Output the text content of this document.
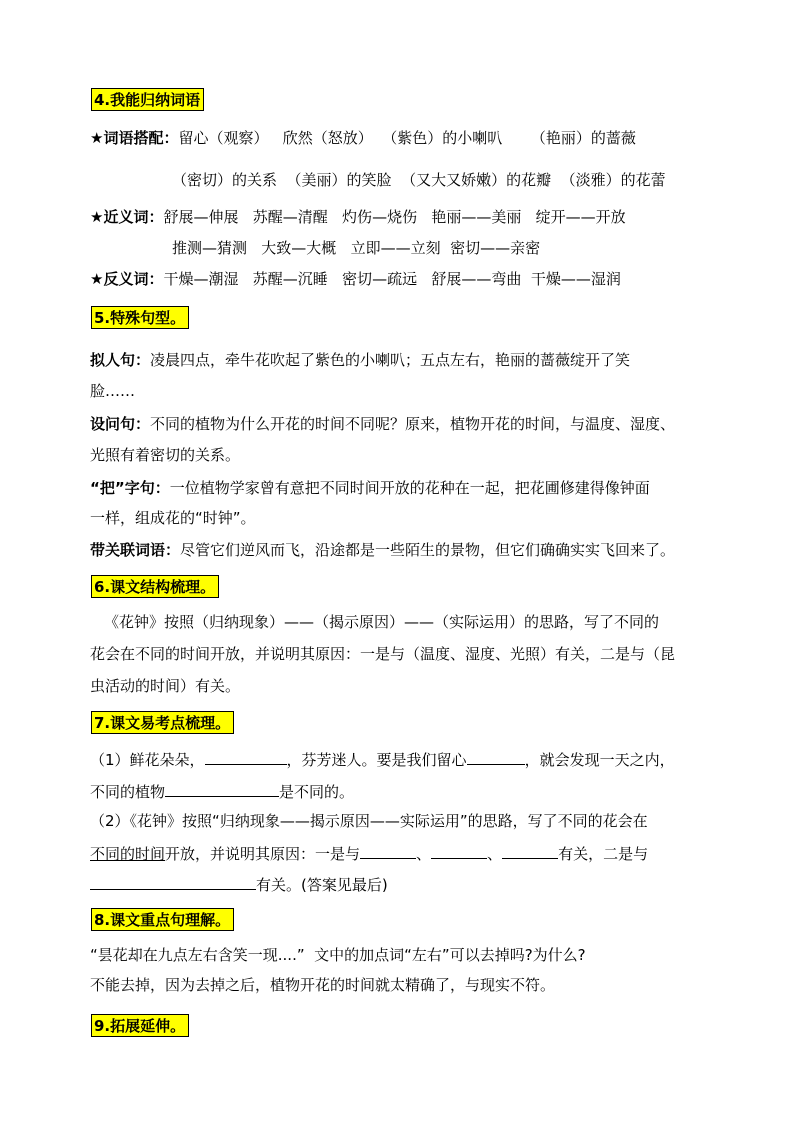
4.我能归纳词语
★词语搭配：留心（观察）   欣然（怒放）  （紫色）的小喇叭      （艳丽）的蔷薇
（密切）的关系  （美丽）的笑脸  （又大又娇嫩）的花瓣  （淡雅）的花蕾
★近义词：舒展—伸展   苏醒—清醒   灼伤—烧伤   艳丽——美丽   绽开——开放
推测—猜测   大致—大概   立即——立刻  密切——亲密
★反义词：干燥—潮湿   苏醒—沉睡   密切—疏远   舒展——弯曲  干燥——湿润
5.特殊句型。
拟人句：凌晨四点，牵牛花吹起了紫色的小喇叭；五点左右，艳丽的蔷薇绽开了笑
脸……
设问句：不同的植物为什么开花的时间不同呢？原来，植物开花的时间，与温度、湿度、
光照有着密切的关系。
“把”字句：一位植物学家曾有意把不同时间开放的花种在一起，把花圃修建得像钟面
一样，组成花的“时钟”。
带关联词语：尽管它们逆风而飞，沿途都是一些陌生的景物，但它们确确实实飞回来了。
6.课文结构梳理。
《花钟》按照（归纳现象）——（揭示原因）——（实际运用）的思路，写了不同的
花会在不同的时间开放，并说明其原因：一是与（温度、湿度、光照）有关，二是与（昆
虫活动的时间）有关。
7.课文易考点梳理。
（1）鲜花朵朵，	，芬芳迷人。要是我们留心	，就会发现一天之内，
不同的植物	是不同的。
（2）《花钟》按照“归纳现象——揭示原因——实际运用”的思路，写了不同的花会在
不同的时间开放，并说明其原因：一是与	、	、	有关，二是与
有关。(答案见最后)
8.课文重点句理解。
“昙花却在九点左右含笑一现....”  文中的加点词“左右”可以去掉吗?为什么?
不能去掉，因为去掉之后，植物开花的时间就太精确了，与现实不符。
9.拓展延伸。
